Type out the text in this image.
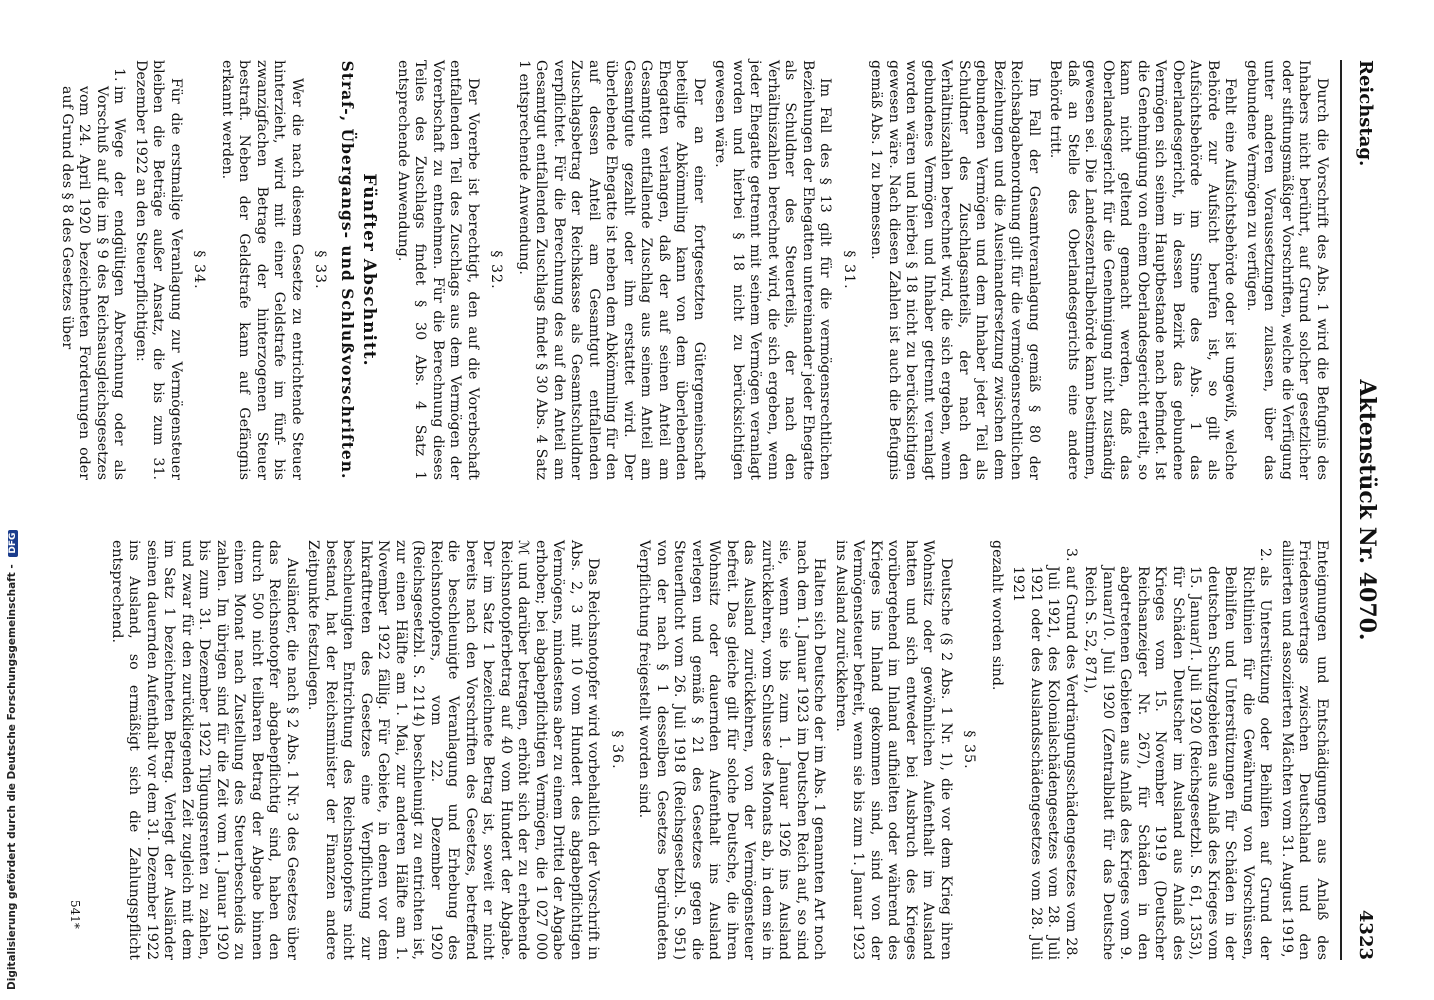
Digitalisierung gefördert durch die Deutsche Forschungsgemeinschaft - DFG
Reichstag.
Aktenstück Nr. 4070.
4323

Durch die Vorschrift des Abs. 1 wird die Befugnis des Inhabers nicht berührt, auf Grund solcher gesetzlicher oder stiftungsmäßiger Vorschriften, welche die Verfügung unter anderen Voraussetzungen zulassen, über das gebundene Vermögen zu verfügen.

Fehlt eine Aufsichtsbehörde oder ist ungewiß, welche Behörde zur Aufsicht berufen ist, so gilt als Aufsichtsbehörde im Sinne des Abs. 1 das Oberlandesgericht, in dessen Bezirk das gebundene Vermögen sich seinem Hauptbestande nach befindet. Ist die Genehmigung von einem Oberlandesgericht erteilt, so kann nicht geltend gemacht werden, daß das Oberlandesgericht für die Genehmigung nicht zuständig gewesen sei. Die Landeszentralbehörde kann bestimmen, daß an Stelle des Oberlandesgerichts eine andere Behörde tritt.

Im Fall der Gesamtveranlagung gemäß § 80 der Reichsabgabenordnung gilt für die vermögensrechtlichen Beziehungen und die Auseinandersetzung zwischen dem gebundenen Vermögen und dem Inhaber jeder Teil als Schuldner des Zuschlagsanteils, der nach den Verhältniszahlen berechnet wird, die sich ergeben, wenn gebundenes Vermögen und Inhaber getrennt veranlagt worden wären und hierbei § 18 nicht zu berücksichtigen gewesen wäre. Nach diesen Zahlen ist auch die Befugnis gemäß Abs. 1 zu bemessen.

§ 31.

Im Fall des § 13 gilt für die vermögensrechtlichen Beziehungen der Ehegatten untereinander jeder Ehegatte als Schuldner des Steuerteils, der nach den Verhältniszahlen berechnet wird, die sich ergeben, wenn jeder Ehegatte getrennt mit seinem Vermögen veranlagt worden und hierbei § 18 nicht zu berücksichtigen gewesen wäre.

Der an einer fortgesetzten Gütergemeinschaft beteiligte Abkömmling kann von dem überlebenden Ehegatten verlangen, daß der auf seinen Anteil am Gesamtgut entfallende Zuschlag aus seinem Anteil am Gesamtgute gezahlt oder ihm erstattet wird. Der überlebende Ehegatte ist neben dem Abkömmling für den auf dessen Anteil am Gesamtgut entfallenden Zuschlagsbetrag der Reichskasse als Gesamtschuldner verpflichtet. Für die Berechnung des auf den Anteil am Gesamtgut entfallenden Zuschlags findet § 30 Abs. 4 Satz 1 entsprechende Anwendung.

§ 32.

Der Vorerbe ist berechtigt, den auf die Vorerbschaft entfallenden Teil des Zuschlags aus dem Vermögen der Vorerbschaft zu entnehmen. Für die Berechnung dieses Teiles des Zuschlags findet § 30 Abs. 4 Satz 1 entsprechende Anwendung.

Fünfter Abschnitt.
Straf-, Übergangs- und Schlußvorschriften.
§ 33.

Wer die nach diesem Gesetze zu entrichtende Steuer hinterzieht, wird mit einer Geldstrafe im fünf- bis zwanzigfachen Betrage der hinterzogenen Steuer bestraft. Neben der Geldstrafe kann auf Gefängnis erkannt werden.

§ 34.

Für die erstmalige Veranlagung zur Vermögensteuer bleiben die Beträge außer Ansatz, die bis zum 31. Dezember 1922 an den Steuerpflichtigen:

1. im Wege der endgültigen Abrechnung oder als Vorschuß auf die im § 9 des Reichsausgleichsgesetzes vom 24. April 1920 bezeichneten Forderungen oder auf Grund des § 8 des Gesetzes über

Enteignungen und Entschädigungen aus Anlaß des Friedensvertrags zwischen Deutschland und den alliierten und assoziierten Mächten vom 31. August 1919,

2. als Unterstützung oder Beihilfen auf Grund der Richtlinien für die Gewährung von Vorschüssen, Beihilfen und Unterstützungen für Schäden in der deutschen Schutzgebieten aus Anlaß des Krieges vom 15. Januar/1. Juli 1920 (Reichsgesetzbl. S. 61, 1353), für Schäden Deutscher im Ausland aus Anlaß des Krieges vom 15. November 1919 (Deutscher Reichsanzeiger Nr. 267), für Schäden in den abgetretenen Gebieten aus Anlaß des Krieges vom 9. Januar/10. Juli 1920 (Zentralblatt für das Deutsche Reich S. 52, 871),
3. auf Grund des Verdrängungsschädengesetzes vom 28. Juli 1921, des Kolonialschädengesetzes vom 28. Juli 1921 oder des Auslandsschädengesetzes vom 28. Juli 1921

gezahlt worden sind.

§ 35.

Deutsche (§ 2 Abs. 1 Nr. 1), die vor dem Krieg ihren Wohnsitz oder gewöhnlichen Aufenthalt im Ausland hatten und sich entweder bei Ausbruch des Krieges vorübergehend im Inland aufhielten oder während des Krieges ins Inland gekommen sind, sind von der Vermögensteuer befreit, wenn sie bis zum 1. Januar 1923 ins Ausland zurückkehren.

Halten sich Deutsche der im Abs. 1 genannten Art noch nach dem 1. Januar 1923 im Deutschen Reich auf, so sind sie, wenn sie bis zum 1. Januar 1926 ins Ausland zurückkehren, vom Schlusse des Monats ab, in dem sie in das Ausland zurückkehren, von der Vermögensteuer befreit. Das gleiche gilt für solche Deutsche, die ihren Wohnsitz oder dauernden Aufenthalt ins Ausland verlegen und gemäß § 21 des Gesetzes gegen die Steuerflucht vom 26. Juli 1918 (Reichsgesetzbl. S. 951) von der nach § 1 desselben Gesetzes begründeten Verpflichtung freigestellt worden sind.

§ 36.

Das Reichsnotopfer wird vorbehaltlich der Vorschrift in Abs. 2, 3 mit 10 vom Hundert des abgabepflichtigen Vermögens, mindestens aber zu einem Drittel der Abgabe erhoben; bei abgabepflichtigen Vermögen, die 1 027 000 ℳ und darüber betragen, erhöht sich der zu erhebende Reichsnotopferbetrag auf 40 vom Hundert der Abgabe. Der im Satz 1 bezeichnete Betrag ist, soweit er nicht bereits nach den Vorschriften des Gesetzes, betreffend die beschleunigte Veranlagung und Erhebung des Reichsnotopfers, vom 22. Dezember 1920 (Reichsgesetzbl. S. 2114) beschleunigt zu entrichten ist, zur einen Hälfte am 1. Mai, zur anderen Hälfte am 1. November 1922 fällig. Für Gebiete, in denen vor dem Inkrafttreten des Gesetzes eine Verpflichtung zur beschleunigten Entrichtung des Reichsnotopfers nicht bestand, hat der Reichsminister der Finanzen andere Zeitpunkte festzulegen.

Ausländer, die nach § 2 Abs. 1 Nr. 3 des Gesetzes über das Reichsnotopfer abgabepflichtig sind, haben den durch 500 nicht teilbaren Betrag der Abgabe binnen einem Monat nach Zustellung des Steuerbescheids zu zahlen. Im übrigen sind für die Zeit vom 1. Januar 1920 bis zum 31. Dezember 1922 Tilgungsrenten zu zahlen, und zwar für den zurückliegenden Zeit zugleich mit dem im Satz 1 bezeichneten Betrag. Verlegt der Ausländer seinen dauernden Aufenthalt vor dem 31. Dezember 1922 ins Ausland, so ermäßigt sich die Zahlungspflicht entsprechend.

541*
